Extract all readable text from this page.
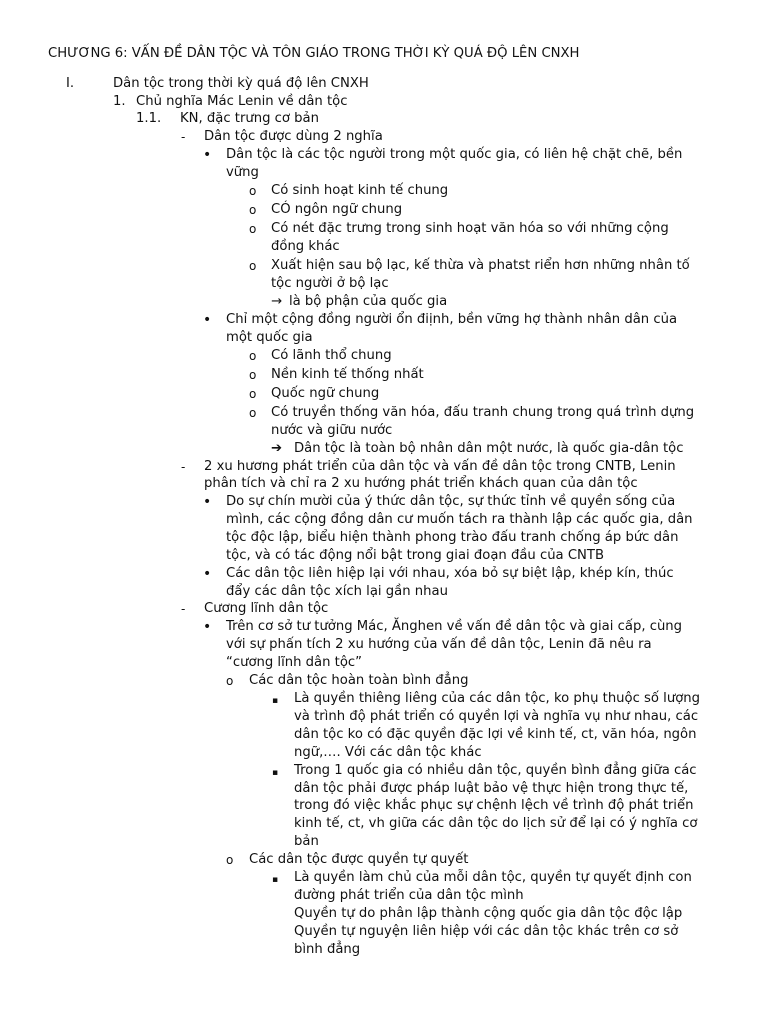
CHƯƠNG 6: VẤN ĐỀ DÂN TỘC VÀ TÔN GIÁO TRONG THỜI KỲ QUÁ ĐỘ LÊN CNXH
I.	Dân tộc trong thời kỳ quá độ lên CNXH
1. Chủ nghĩa Mác Lenin về dân tộc
1.1. KN, đặc trưng cơ bản
- Dân tộc được dùng 2 nghĩa
• Dân tộc là các tộc người trong một quốc gia, có liên hệ chặt chẽ, bền
vững
o Có sinh hoạt kinh tế chung
o CÓ ngôn ngữ chung
o Có nét đặc trưng trong sinh hoạt văn hóa so với những cộng
đồng khác
o Xuất hiện sau bộ lạc, kế thừa và phatst riển hơn những nhân tố
tộc người ở bộ lạc
→ là bộ phận của quốc gia
• Chỉ một cộng đồng người ổn điịnh, bền vững hợ thành nhân dân của
một quốc gia
o Có lãnh thổ chung
o Nền kinh tế thống nhất
o Quốc ngữ chung
o Có truyền thống văn hóa, đấu tranh chung trong quá trình dựng
nước và giữu nước
➔ Dân tộc là toàn bộ nhân dân một nước, là quốc gia-dân tộc
- 2 xu hương phát triển của dân tộc và vấn đề dân tộc trong CNTB, Lenin
phân tích và chỉ ra 2 xu hướng phát triển khách quan của dân tộc
• Do sự chín mười của ý thức dân tộc, sự thức tỉnh về quyền sống của
mình, các cộng đồng dân cư muốn tách ra thành lập các quốc gia, dân
tộc độc lập, biểu hiện thành phong trào đấu tranh chống áp bức dân
tộc, và có tác động nổi bật trong giai đoạn đầu của CNTB
• Các dân tộc liên hiệp lại với nhau, xóa bỏ sự biệt lập, khép kín, thúc
đẩy các dân tộc xích lại gần nhau
- Cương lĩnh dân tộc
• Trên cơ sở tư tưởng Mác, Ănghen về vấn đề dân tộc và giai cấp, cùng
với sự phấn tích 2 xu hướng của vấn đề dân tộc, Lenin đã nêu ra
“cương lĩnh dân tộc”
o Các dân tộc hoàn toàn bình đẳng
▪ Là quyền thiêng liêng của các dân tộc, ko phụ thuộc số lượng
và trình độ phát triển có quyền lợi và nghĩa vụ như nhau, các
dân tộc ko có đặc quyền đặc lợi về kinh tế, ct, văn hóa, ngôn
ngữ,…. Với các dân tộc khác
▪ Trong 1 quốc gia có nhiều dân tộc, quyền bình đẳng giữa các
dân tộc phải được pháp luật bảo vệ thực hiện trong thực tế,
trong đó việc khắc phục sự chệnh lệch về trình độ phát triển
kinh tế, ct, vh giữa các dân tộc do lịch sử để lại có ý nghĩa cơ
bản
o Các dân tộc được quyền tự quyết
▪ Là quyền làm chủ của mỗi dân tộc, quyền tự quyết định con
đường phát triển của dân tộc mình
Quyền tự do phân lập thành cộng quốc gia dân tộc độc lập
Quyền tự nguyện liên hiệp với các dân tộc khác trên cơ sở
bình đẳng
